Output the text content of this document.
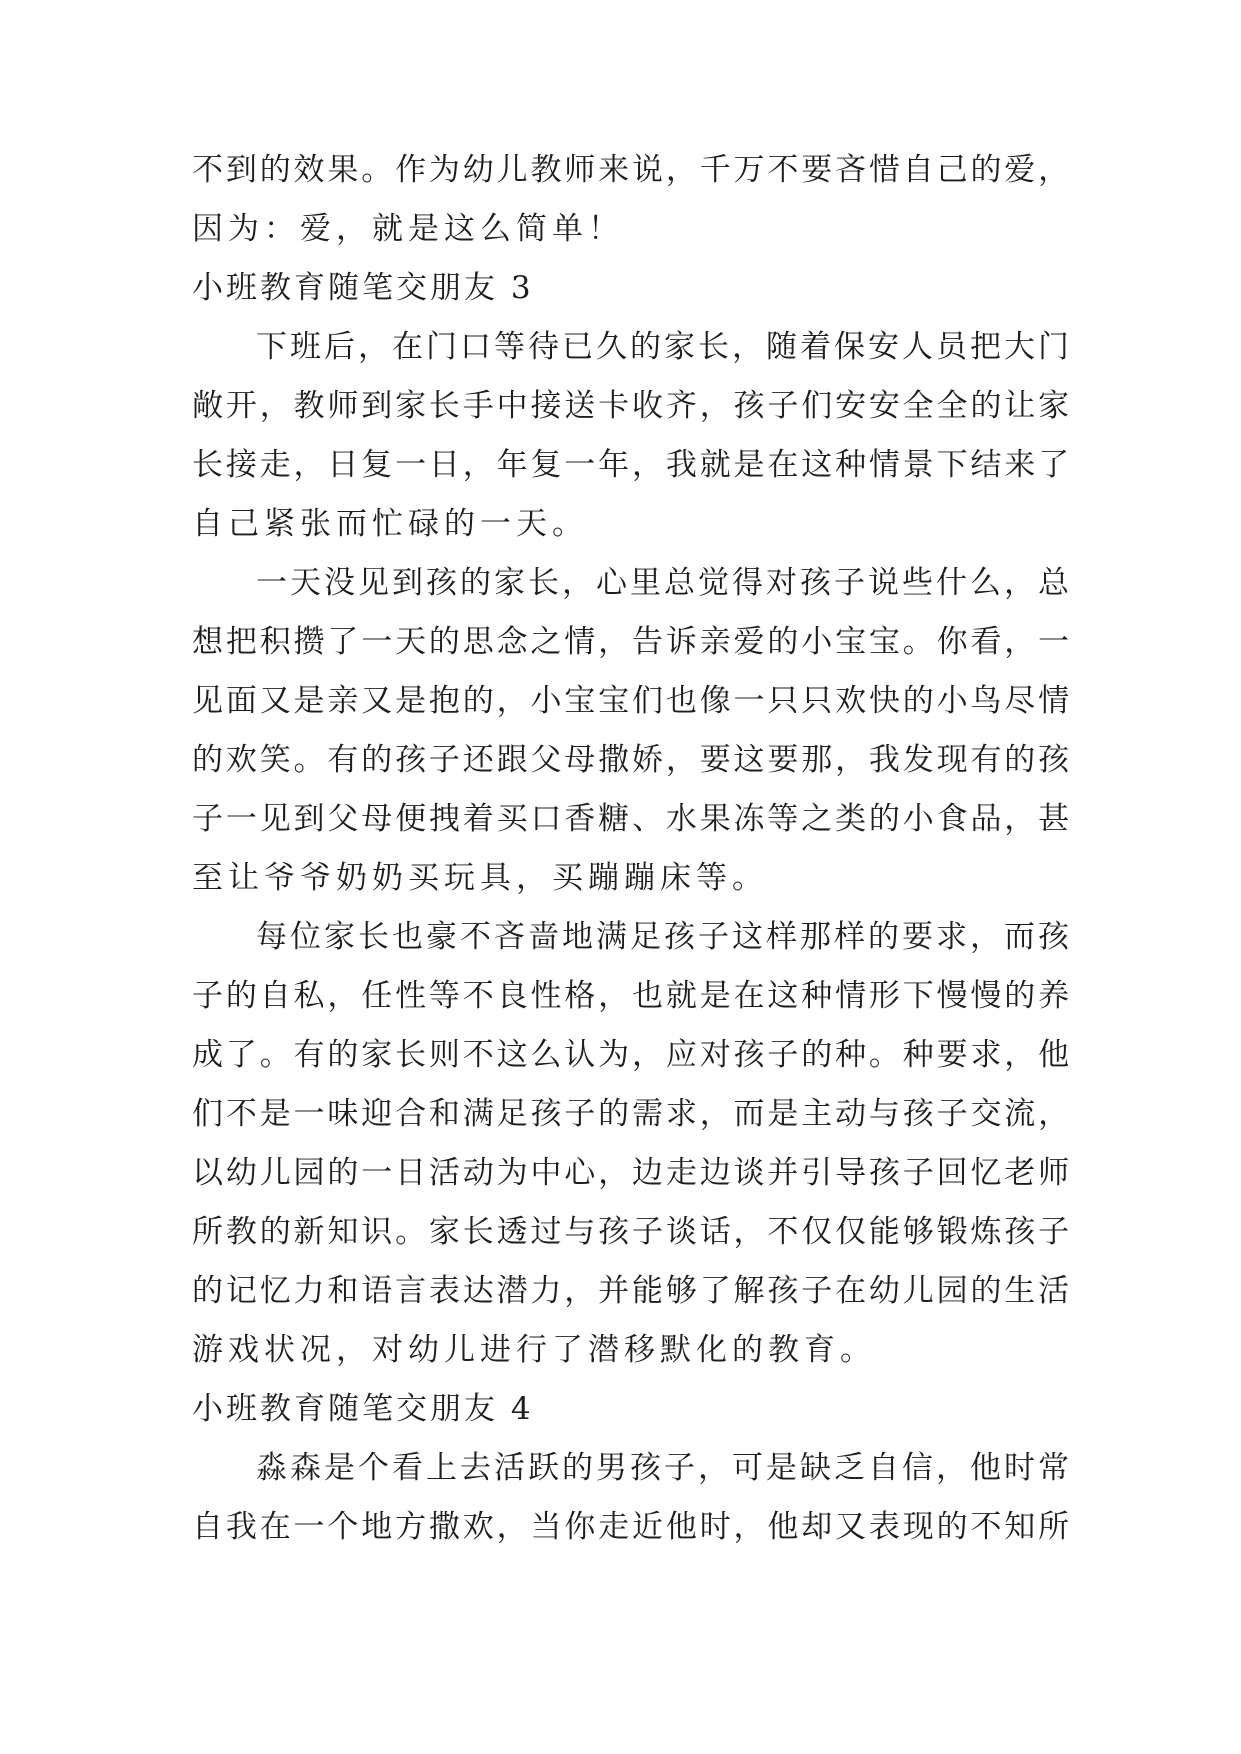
不到的效果。作为幼儿教师来说，千万不要吝惜自己的爱，
因为：爱，就是这么简单！
小班教育随笔交朋友 3
下班后，在门口等待已久的家长，随着保安人员把大门
敞开，教师到家长手中接送卡收齐，孩子们安安全全的让家
长接走，日复一日，年复一年，我就是在这种情景下结来了
自己紧张而忙碌的一天。
一天没见到孩的家长，心里总觉得对孩子说些什么，总
想把积攒了一天的思念之情，告诉亲爱的小宝宝。你看，一
见面又是亲又是抱的，小宝宝们也像一只只欢快的小鸟尽情
的欢笑。有的孩子还跟父母撒娇，要这要那，我发现有的孩
子一见到父母便拽着买口香糖、水果冻等之类的小食品，甚
至让爷爷奶奶买玩具，买蹦蹦床等。
每位家长也豪不吝啬地满足孩子这样那样的要求，而孩
子的自私，任性等不良性格，也就是在这种情形下慢慢的养
成了。有的家长则不这么认为，应对孩子的种。种要求，他
们不是一味迎合和满足孩子的需求，而是主动与孩子交流，
以幼儿园的一日活动为中心，边走边谈并引导孩子回忆老师
所教的新知识。家长透过与孩子谈话，不仅仅能够锻炼孩子
的记忆力和语言表达潜力，并能够了解孩子在幼儿园的生活
游戏状况，对幼儿进行了潜移默化的教育。
小班教育随笔交朋友 4
淼森是个看上去活跃的男孩子，可是缺乏自信，他时常
自我在一个地方撒欢，当你走近他时，他却又表现的不知所
